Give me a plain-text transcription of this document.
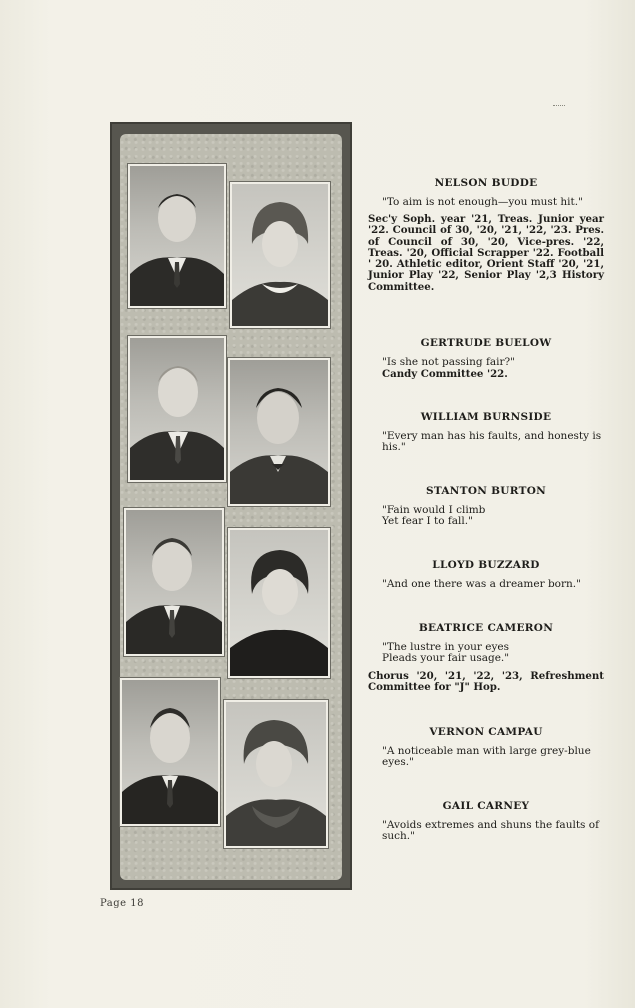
NELSON BUDDE
"To aim is not enough—you must hit."
Sec'y Soph. year '21, Treas. Junior year '22. Council of 30, '20, '21, '22, '23. Pres. of Council of 30, '20, Vice-pres. '22, Treas. '20, Official Scrapper '22. Football ' 20. Athletic editor, Orient Staff '20, '21, Junior Play '22, Senior Play '2,3 History Committee.
GERTRUDE BUELOW
"Is she not passing fair?"
Candy Committee '22.
WILLIAM BURNSIDE
"Every man has his faults, and honesty is his."
STANTON BURTON
"Fain would I climb
Yet fear I to fall."
LLOYD BUZZARD
"And one there was a dreamer born."
BEATRICE CAMERON
"The lustre in your eyes
Pleads your fair usage."
Chorus '20, '21, '22, '23, Refreshment Committee for "J" Hop.
VERNON CAMPAU
"A noticeable man with large grey-blue eyes."
GAIL CARNEY
"Avoids extremes and shuns the faults of such."
Page 18
